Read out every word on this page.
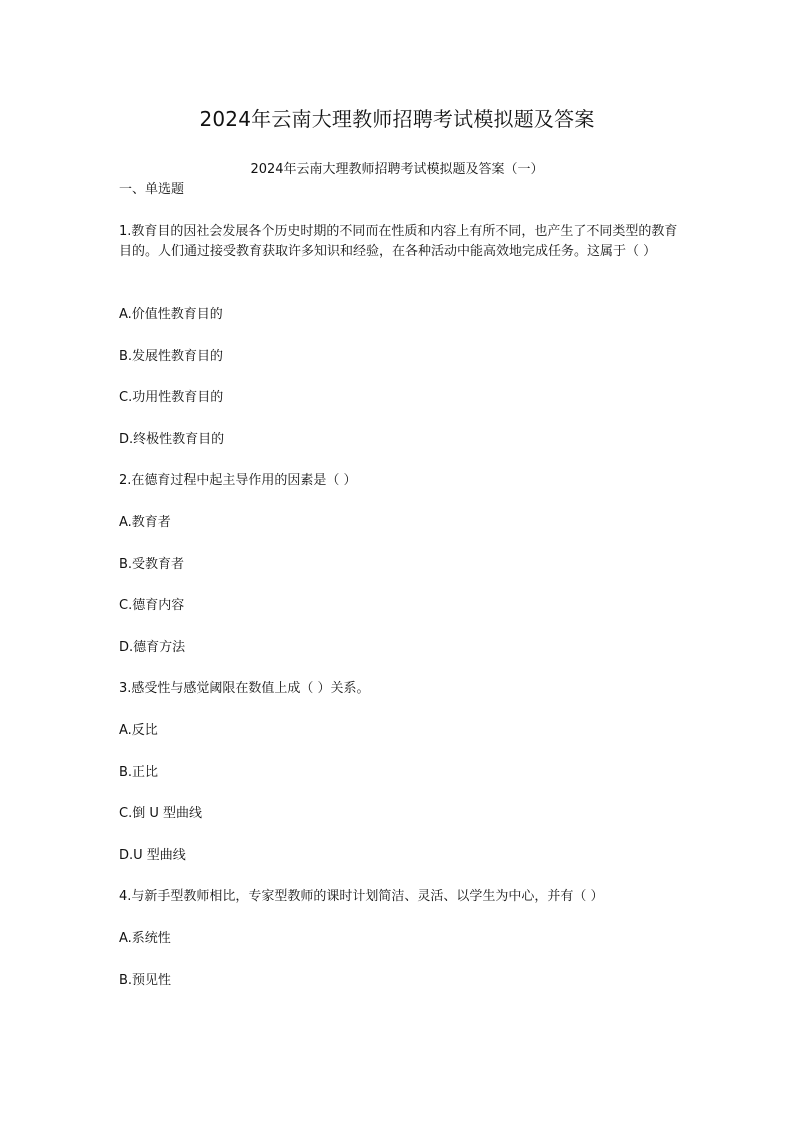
2024年云南大理教师招聘考试模拟题及答案
2024年云南大理教师招聘考试模拟题及答案（一）
一、单选题
1.教育目的因社会发展各个历史时期的不同而在性质和内容上有所不同，也产生了不同类型的教育目的。人们通过接受教育获取许多知识和经验，在各种活动中能高效地完成任务。这属于（ ）
A.价值性教育目的
B.发展性教育目的
C.功用性教育目的
D.终极性教育目的
2.在德育过程中起主导作用的因素是（ ）
A.教育者
B.受教育者
C.德育内容
D.德育方法
3.感受性与感觉阈限在数值上成（ ）关系。
A.反比
B.正比
C.倒 U 型曲线
D.U 型曲线
4.与新手型教师相比，专家型教师的课时计划简洁、灵活、以学生为中心，并有（ ）
A.系统性
B.预见性
